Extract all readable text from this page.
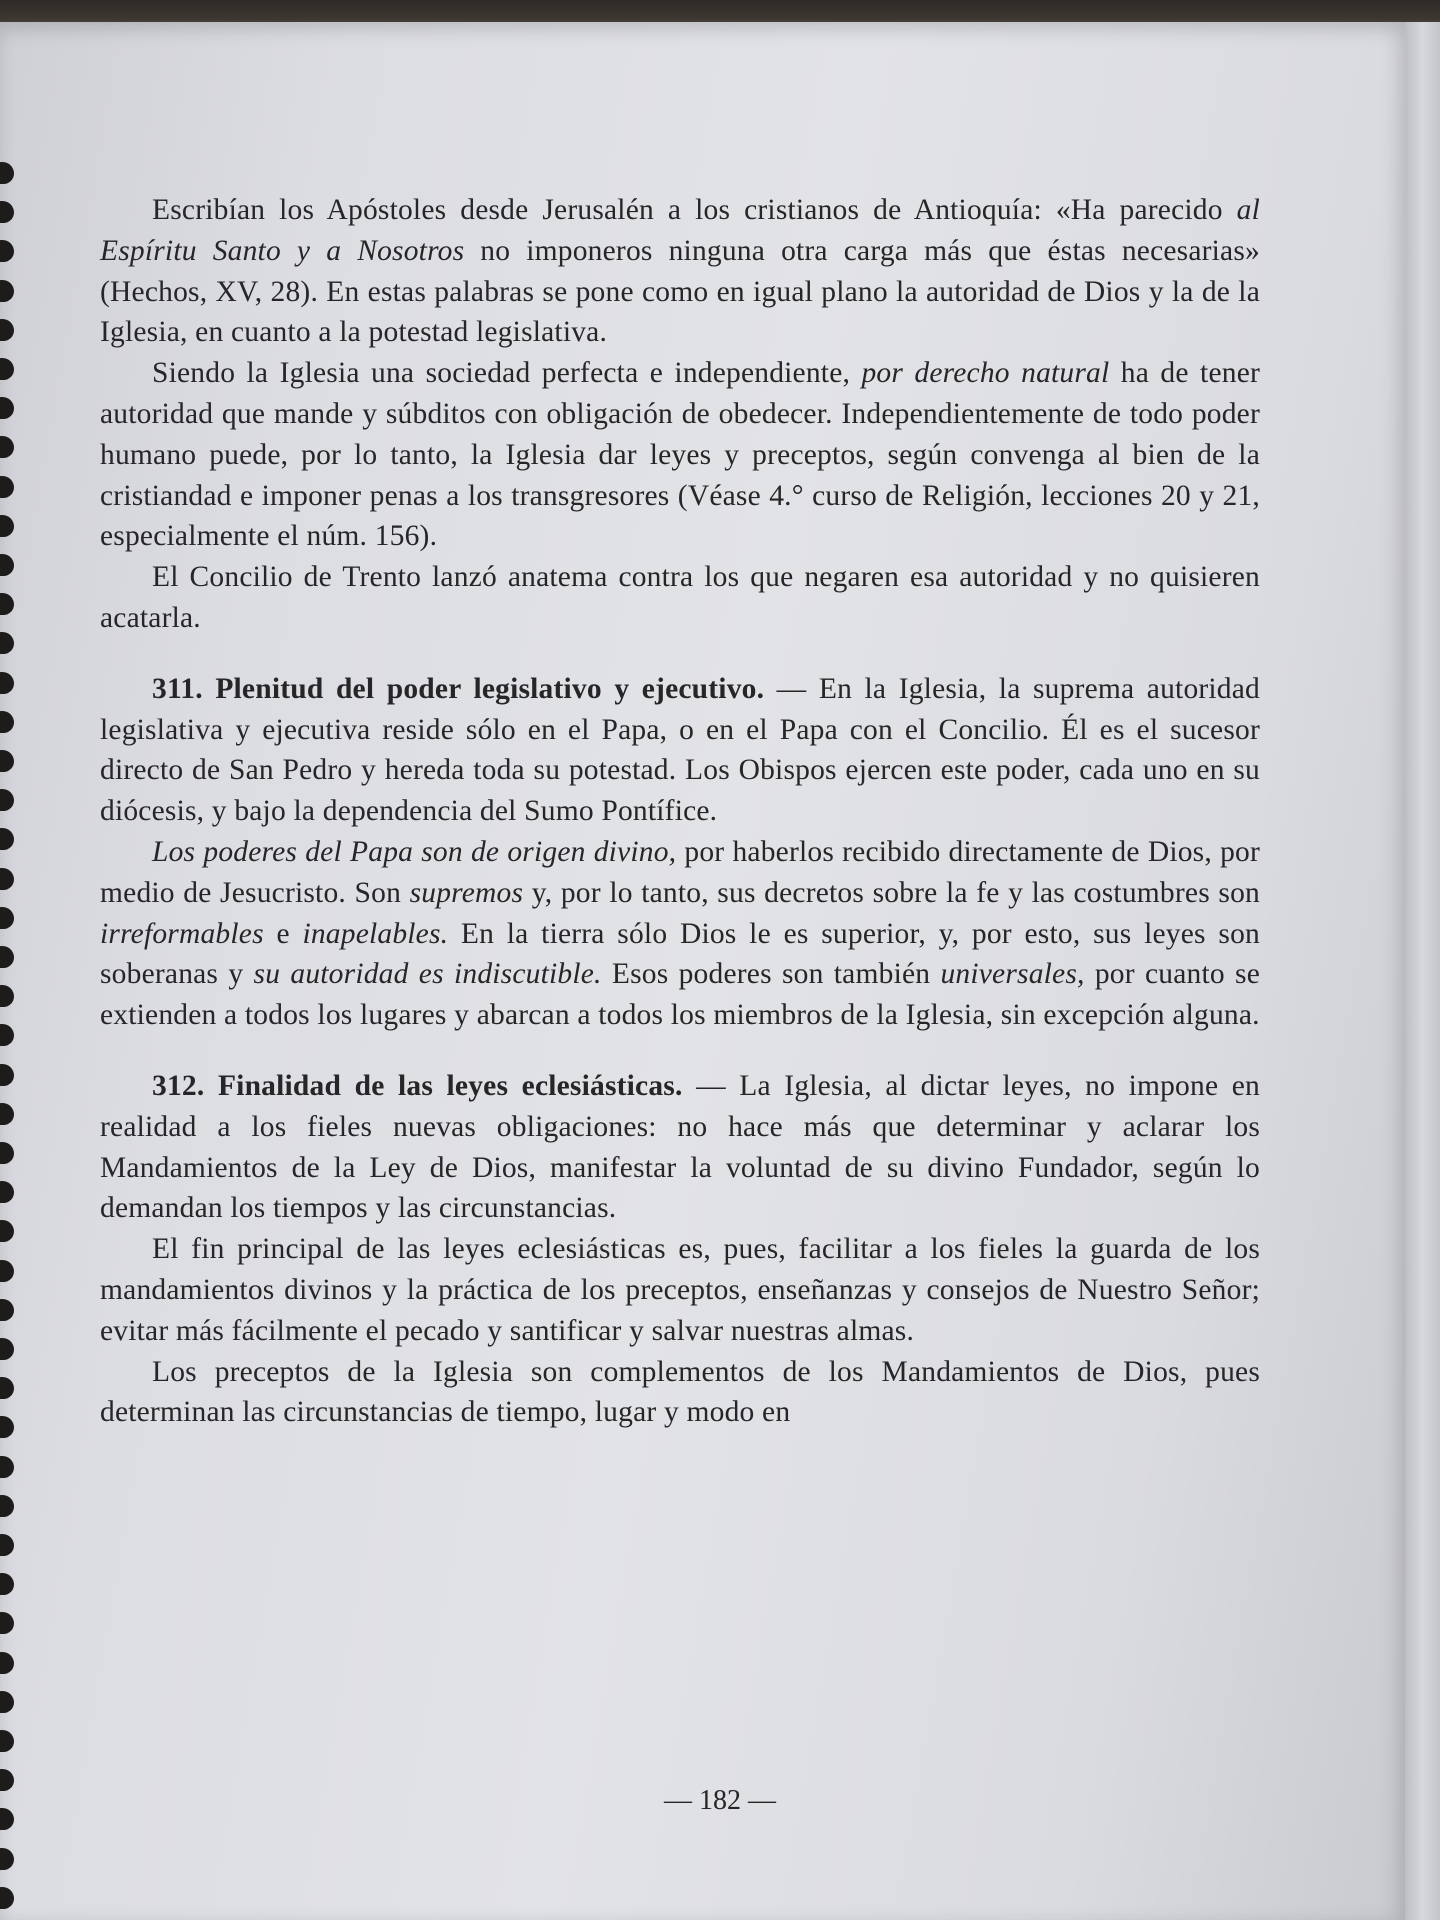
Escribían los Apóstoles desde Jerusalén a los cristianos de Antioquía: «Ha parecido al Espíritu Santo y a Nosotros no imponeros ninguna otra carga más que éstas necesarias» (Hechos, XV, 28). En estas palabras se pone como en igual plano la autoridad de Dios y la de la Iglesia, en cuanto a la potestad legislativa.

Siendo la Iglesia una sociedad perfecta e independiente, por derecho natural ha de tener autoridad que mande y súbditos con obligación de obedecer. Independientemente de todo poder humano puede, por lo tanto, la Iglesia dar leyes y preceptos, según convenga al bien de la cristiandad e imponer penas a los transgresores (Véase 4.° curso de Religión, lecciones 20 y 21, especialmente el núm. 156).

El Concilio de Trento lanzó anatema contra los que negaren esa autoridad y no quisieren acatarla.

311. Plenitud del poder legislativo y ejecutivo. — En la Iglesia, la suprema autoridad legislativa y ejecutiva reside sólo en el Papa, o en el Papa con el Concilio. Él es el sucesor directo de San Pedro y hereda toda su potestad. Los Obispos ejercen este poder, cada uno en su diócesis, y bajo la dependencia del Sumo Pontífice.

Los poderes del Papa son de origen divino, por haberlos recibido directamente de Dios, por medio de Jesucristo. Son supremos y, por lo tanto, sus decretos sobre la fe y las costumbres son irreformables e inapelables. En la tierra sólo Dios le es superior, y, por esto, sus leyes son soberanas y su autoridad es indiscutible. Esos poderes son también universales, por cuanto se extienden a todos los lugares y abarcan a todos los miembros de la Iglesia, sin excepción alguna.

312. Finalidad de las leyes eclesiásticas. — La Iglesia, al dictar leyes, no impone en realidad a los fieles nuevas obligaciones: no hace más que determinar y aclarar los Mandamientos de la Ley de Dios, manifestar la voluntad de su divino Fundador, según lo demandan los tiempos y las circunstancias.

El fin principal de las leyes eclesiásticas es, pues, facilitar a los fieles la guarda de los mandamientos divinos y la práctica de los preceptos, enseñanzas y consejos de Nuestro Señor; evitar más fácilmente el pecado y santificar y salvar nuestras almas.

Los preceptos de la Iglesia son complementos de los Mandamientos de Dios, pues determinan las circunstancias de tiempo, lugar y modo en

— 182 —
